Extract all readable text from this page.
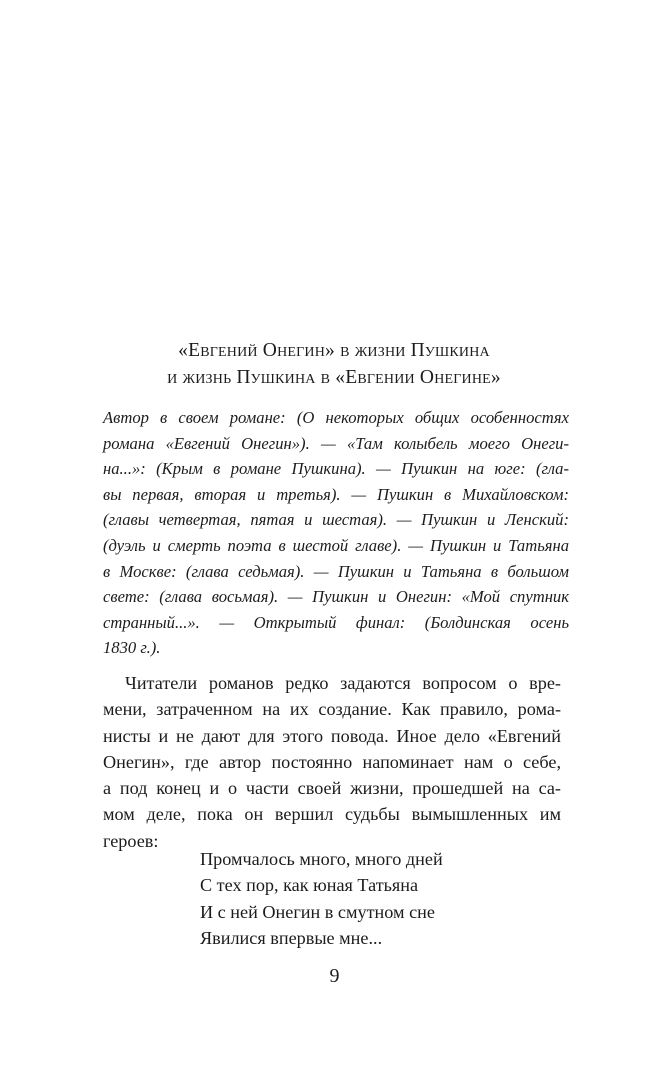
«Евгений Онегин» в жизни Пушкина
и жизнь Пушкина в «Евгении Онегине»
Автор в своем романе: (О некоторых общих особенностях
романа «Евгений Онегин»). — «Там колыбель моего Онеги-
на...»: (Крым в романе Пушкина). — Пушкин на юге: (гла-
вы первая, вторая и третья). — Пушкин в Михайловском:
(главы четвертая, пятая и шестая). — Пушкин и Ленский:
(дуэль и смерть поэта в шестой главе). — Пушкин и Татьяна
в Москве: (глава седьмая). — Пушкин и Татьяна в большом
свете: (глава восьмая). — Пушкин и Онегин: «Мой спутник
странный...». — Открытый финал: (Болдинская осень
1830 г.).
Читатели романов редко задаются вопросом о вре-
мени, затраченном на их создание. Как правило, рома-
нисты и не дают для этого повода. Иное дело «Евгений
Онегин», где автор постоянно напоминает нам о себе,
а под конец и о части своей жизни, прошедшей на са-
мом деле, пока он вершил судьбы вымышленных им
героев:
Промчалось много, много дней
С тех пор, как юная Татьяна
И с ней Онегин в смутном сне
Явилися впервые мне...
9
